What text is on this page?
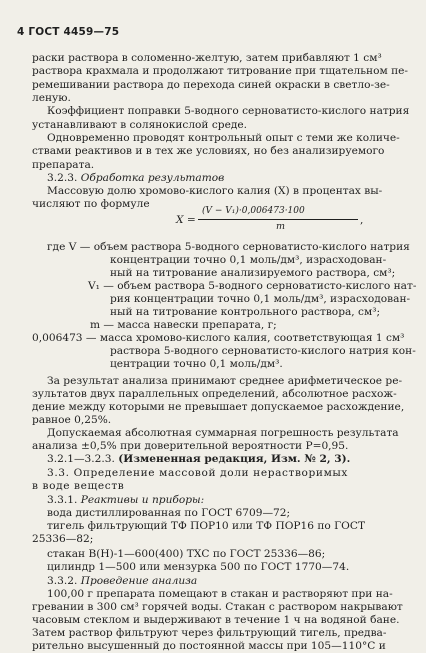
4 ГОСТ 4459—75
раски раствора в соломенно-желтую, затем прибавляют 1 см³
раствора крахмала и продолжают титрование при тщательном пе-
ремешивании раствора до перехода синей окраски в светло-зе-
леную.
Коэффициент поправки 5-водного серноватисто-кислого натрия
устанавливают в солянокислой среде.
Одновременно проводят контрольный опыт с теми же количе-
ствами реактивов и в тех же условиях, но без анализируемого
препарата.
3.2.3. Обработка результатов
Массовую долю хромово-кислого калия (X) в процентах вы-
числяют по формуле
X =
(V − V₁)·0,006473·100
m
,
где V — объем раствора 5-водного серноватисто-кислого натрия
концентрации точно 0,1 моль/дм³, израсходован-
ный на титрование анализируемого раствора, см³;
V₁ — объем раствора 5-водного серноватисто-кислого нат-
рия концентрации точно 0,1 моль/дм³, израсходован-
ный на титрование контрольного раствора, см³;
m — масса навески препарата, г;
0,006473 — масса хромово-кислого калия, соответствующая 1 см³
раствора 5-водного серноватисто-кислого натрия кон-
центрации точно 0,1 моль/дм³.
За результат анализа принимают среднее арифметическое ре-
зультатов двух параллельных определений, абсолютное расхож-
дение между которыми не превышает допускаемое расхождение,
равное 0,25%.
Допускаемая абсолютная суммарная погрешность результата
анализа ±0,5% при доверительной вероятности P=0,95.
3.2.1—3.2.3. (Измененная редакция, Изм. № 2, 3).
3.3. Определение массовой доли нерастворимых
в воде веществ
3.3.1. Реактивы и приборы:
вода дистиллированная по ГОСТ 6709—72;
тигель фильтрующий ТФ ПОР10 или ТФ ПОР16 по ГОСТ
25336—82;
стакан В(Н)-1—600(400) ТХС по ГОСТ 25336—86;
цилиндр 1—500 или мензурка 500 по ГОСТ 1770—74.
3.3.2. Проведение анализа
100,00 г препарата помещают в стакан и растворяют при на-
гревании в 300 см³ горячей воды. Стакан с раствором накрывают
часовым стеклом и выдерживают в течение 1 ч на водяной бане.
Затем раствор фильтруют через фильтрующий тигель, предва-
рительно высушенный до постоянной массы при 105—110°С и
